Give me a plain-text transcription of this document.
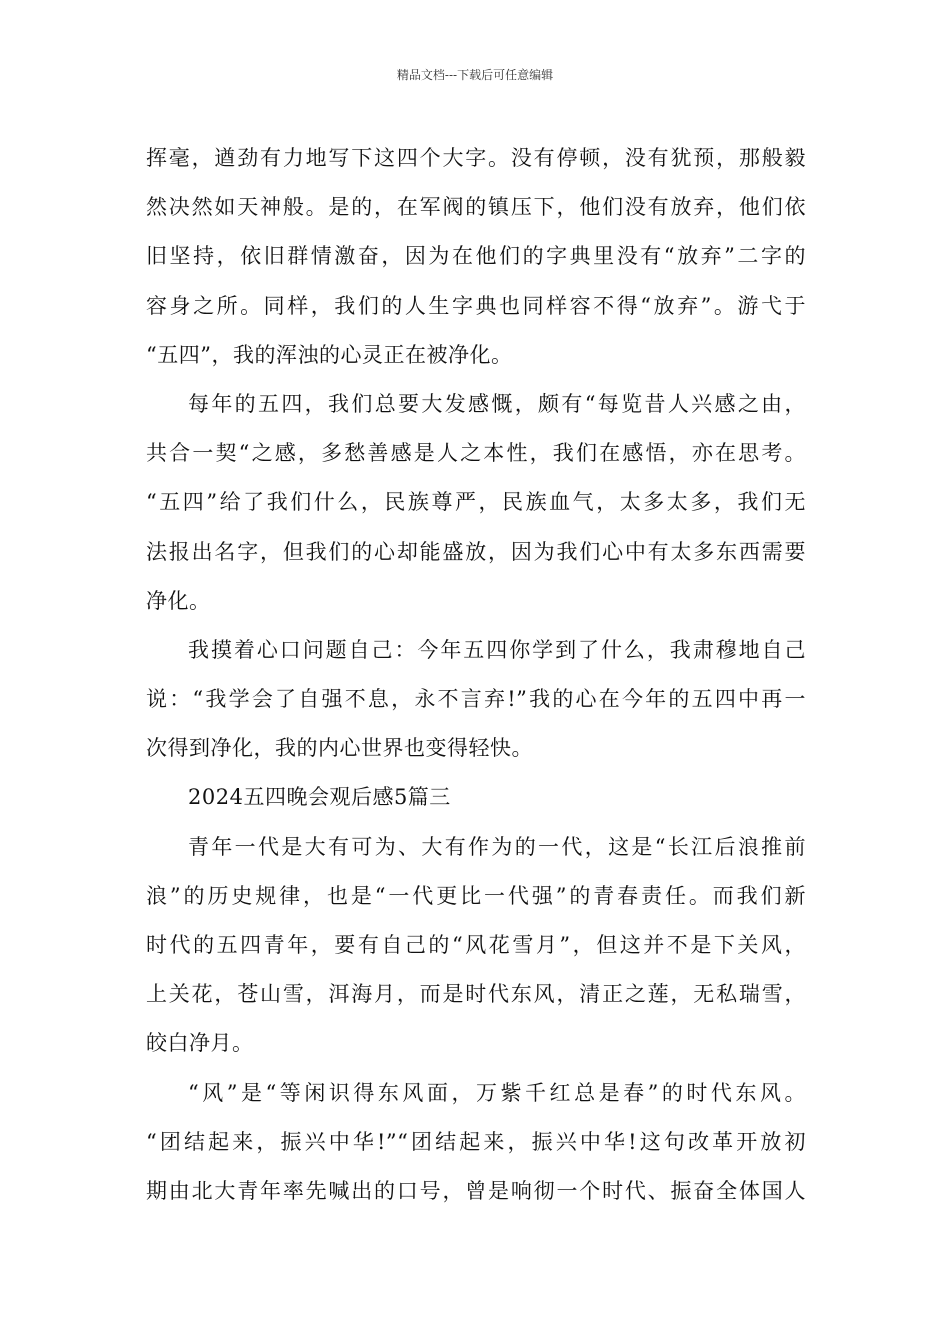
精品文档---下载后可任意编辑
挥毫，遒劲有力地写下这四个大字。没有停顿，没有犹预，那般毅
然决然如天神般。是的，在军阀的镇压下，他们没有放弃，他们依
旧坚持，依旧群情激奋，因为在他们的字典里没有“放弃”二字的
容身之所。同样，我们的人生字典也同样容不得“放弃”。游弋于
“五四”，我的浑浊的心灵正在被净化。
每年的五四，我们总要大发感慨，颇有“每览昔人兴感之由，
共合一契“之感，多愁善感是人之本性，我们在感悟，亦在思考。
“五四”给了我们什么，民族尊严，民族血气，太多太多，我们无
法报出名字，但我们的心却能盛放，因为我们心中有太多东西需要
净化。
我摸着心口问题自己：今年五四你学到了什么，我肃穆地自己
说：“我学会了自强不息，永不言弃!”我的心在今年的五四中再一
次得到净化，我的内心世界也变得轻快。
2024五四晚会观后感5篇三
青年一代是大有可为、大有作为的一代，这是“长江后浪推前
浪”的历史规律，也是“一代更比一代强”的青春责任。而我们新
时代的五四青年，要有自己的“风花雪月”，但这并不是下关风，
上关花，苍山雪，洱海月，而是时代东风，清正之莲，无私瑞雪，
皎白净月。
“风”是“等闲识得东风面，万紫千红总是春”的时代东风。
“团结起来，振兴中华!”“团结起来，振兴中华!这句改革开放初
期由北大青年率先喊出的口号，曾是响彻一个时代、振奋全体国人
